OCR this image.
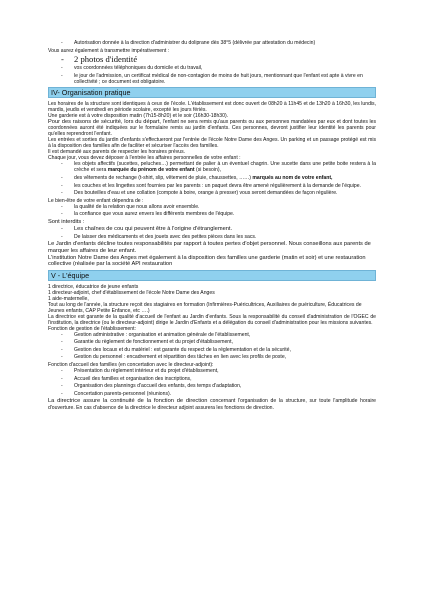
- Autorisation donnée à la direction d'administrer du doliprane dès 38°5 (délivrée par attestation du médecin)

Vous aurez également à transmettre impérativement :

- 2 photos d'identité
- vos coordonnées téléphoniques du domicile et du travail,
- le jour de l'admission, un certificat médical de non-contagion de moins de huit jours, mentionnant que l'enfant est apte à vivre en collectivité ; ce document est obligatoire.
IV- Organisation pratique

Les horaires de la structure sont identiques à ceux de l'école. L'établissement est donc ouvert de 08h20 à 11h45 et de 13h20 à 16h30, les lundis, mardis, jeudis et vendredi en période scolaire, excepté les jours fériés.

Une garderie est à votre disposition matin (7h15-8h20) et le soir (16h30-18h30).

Pour des raisons de sécurité, lors du départ, l'enfant ne sera remis qu'aux parents ou aux personnes mandatées par eux et dont toutes les coordonnées auront été indiquées sur le formulaire remis au jardin d'enfants. Ces personnes, devront justifier leur identité les parents pour qu'elles reprendront l'enfant.

Les entrées et sorties du jardin d'enfants s'effectueront par l'entrée de l'école Notre Dame des Anges. Un parking et un passage protégé est mis à la disposition des familles afin de faciliter et sécuriser l'accès des familles.

Il est demandé aux parents de respecter les horaires prévus.

Chaque jour, vous devez déposer à l'entrée les affaires personnelles de votre enfant :

- les objets affectifs (sucettes, peluches…) permettant de palier à un éventuel chagrin. Une sucette dans une petite boite restera à la crèche et sera marquée du prénom de votre enfant (si besoin),
- des vêtements de rechange (t-shirt, slip, vêtement de pluie, chaussettes, ……) marqués au nom de votre enfant,
- les couches et les lingettes sont fournies par les parents : un paquet devra être amené régulièrement à la demande de l'équipe.
- Des bouteilles d'eau et une collation (compote à boire, orange à presser) vous seront demandées de façon régulière.

Le bien-être de votre enfant dépendra de :

- la qualité de la relation que nous allons avoir ensemble.
- la confiance que vous aurez envers les différents membres de l'équipe.

Sont interdits :

- Les chaînes de cou qui peuvent être à l'origine d'étranglement.
- De laisser des médicaments et des jouets avec des petites pièces dans les sacs.

Le Jardin d'enfants décline toutes responsabilités par rapport à toutes pertes d'objet personnel. Nous conseillons aux parents de marquer les affaires de leur enfant.

L'institution Notre Dame des Anges met également à la disposition des familles une garderie (matin et soir) et une restauration collective (réalisée par la société API restauration

V - L'équipe

1 directrice, éducatrice de jeune enfants

1 directeur-adjoint, chef d'établissement de l'école Notre Dame des Anges

1 aide-maternelle,

Tout au long de l'année, la structure reçoit des stagiaires en formation (Infirmières-Puéricultrices, Auxiliaires de puériculture, Éducatrices de Jeunes enfants, CAP Petite Enfance, etc ….)

La directrice est garante de la qualité d'accueil de l'enfant au Jardin d'enfants. Sous la responsabilité du conseil d'administration de l'OGEC de l'institution, la directrice (ou le directeur-adjoint) dirige le Jardin d'Enfants et a délégation du conseil d'administration pour les missions suivantes.

Fonction de gestion de l'établissement:

- Gestion administrative : organisation et animation générale de l'établissement,
- Garantie du règlement de fonctionnement et du projet d'établissement,
- Gestion des locaux et du matériel : est garante du respect de la réglementation et de la sécurité,
- Gestion du personnel : encadrement et répartition des tâches en lien avec les profils de poste,

Fonction d'accueil des familles (en concertation avec le directeur-adjoint):

- Présentation du règlement intérieur et du projet d'établissement,
- Accueil des familles et organisation des inscriptions,
- Organisation des plannings d'accueil des enfants, des temps d'adaptation,
- Concertation parents-personnel (réunions).

La directrice assure la continuité de la fonction de direction concernant l'organisation de la structure, sur toute l'amplitude horaire d'ouverture. En cas d'absence de la directrice le directeur adjoint assurera les fonctions de direction.
